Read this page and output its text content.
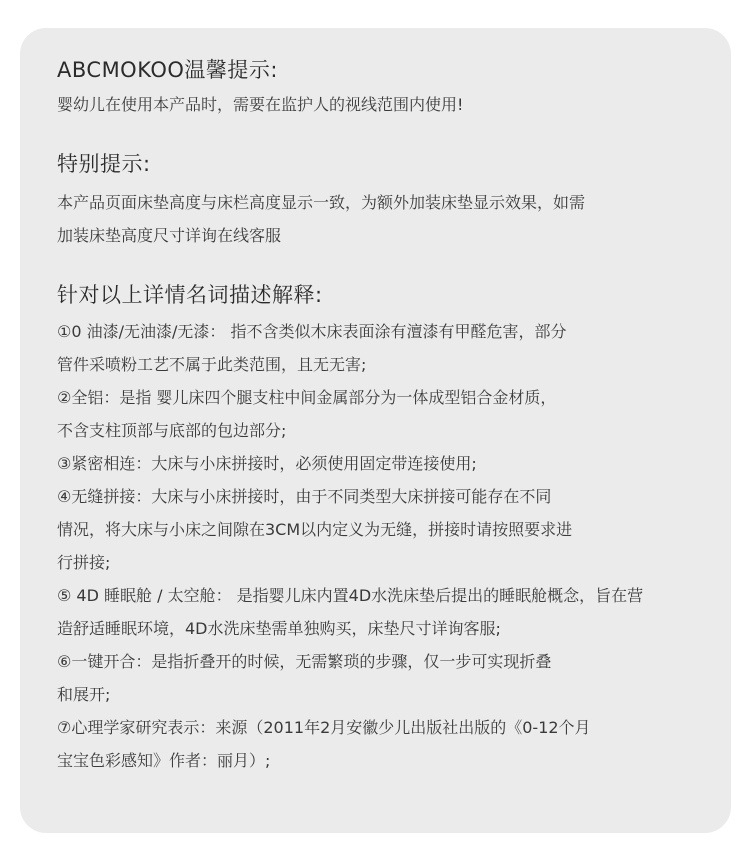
ABCMOKOO温馨提示:

婴幼儿在使用本产品时，需要在监护人的视线范围内使用!

特别提示:

本产品页面床垫高度与床栏高度显示一致，为额外加装床垫显示效果，如需
加装床垫高度尺寸详询在线客服

针对以上详情名词描述解释:

①0 油漆/无油漆/无漆： 指不含类似木床表面涂有澶漆有甲醛危害，部分
管件采喷粉工艺不属于此类范围，且无无害;

②全铝：是指 婴儿床四个腿支柱中间金属部分为一体成型铝合金材质，
不含支柱顶部与底部的包边部分;

③紧密相连：大床与小床拼接时，必须使用固定带连接使用;

④无缝拼接：大床与小床拼接时，由于不同类型大床拼接可能存在不同
情况，将大床与小床之间隙在3CM以内定义为无缝，拼接时请按照要求进
行拼接;

⑤ 4D 睡眠舱 / 太空舱： 是指婴儿床内置4D水洗床垫后提出的睡眠舱概念，旨在营
造舒适睡眠环境，4D水洗床垫需单独购买，床垫尺寸详询客服;

⑥一键开合：是指折叠开的时候，无需繁琐的步骤，仅一步可实现折叠
和展开;

⑦心理学家研究表示：来源（2011年2月安徽少儿出版社出版的《0-12个月
宝宝色彩感知》作者：丽月）;
